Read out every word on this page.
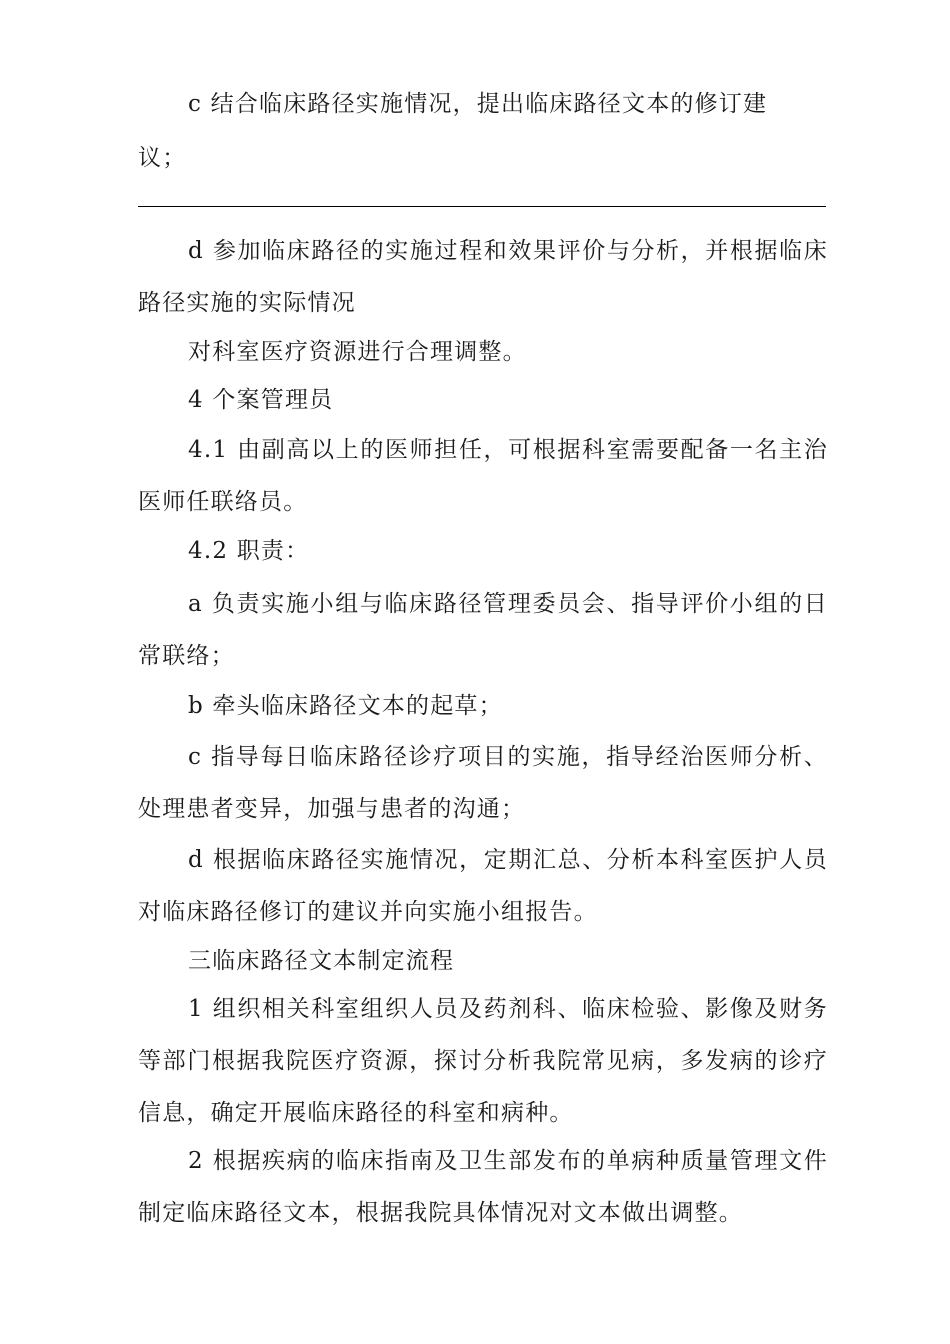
c 结合临床路径实施情况，提出临床路径文本的修订建

议；

d 参加临床路径的实施过程和效果评价与分析，并根据临床路径实施的实际情况

对科室医疗资源进行合理调整。

4 个案管理员

4.1 由副高以上的医师担任，可根据科室需要配备一名主治医师任联络员。

4.2 职责：

a 负责实施小组与临床路径管理委员会、指导评价小组的日常联络；

b 牵头临床路径文本的起草；

c 指导每日临床路径诊疗项目的实施，指导经治医师分析、处理患者变异，加强与患者的沟通；

d 根据临床路径实施情况，定期汇总、分析本科室医护人员对临床路径修订的建议并向实施小组报告。

三临床路径文本制定流程

1 组织相关科室组织人员及药剂科、临床检验、影像及财务等部门根据我院医疗资源，探讨分析我院常见病，多发病的诊疗信息，确定开展临床路径的科室和病种。

2 根据疾病的临床指南及卫生部发布的单病种质量管理文件制定临床路径文本，根据我院具体情况对文本做出调整。
